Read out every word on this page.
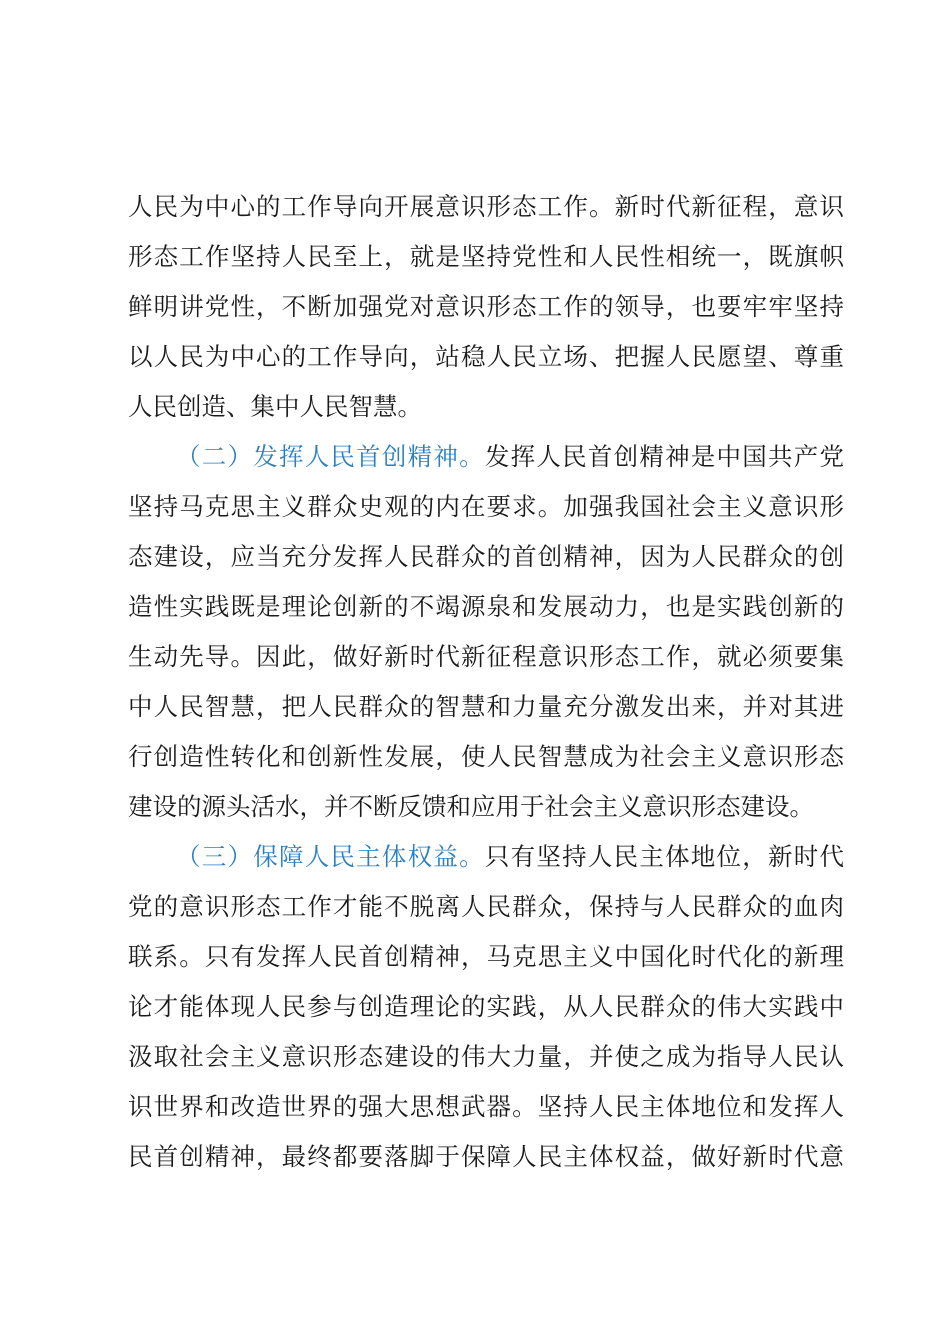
人民为中心的工作导向开展意识形态工作。新时代新征程，意识
形态工作坚持人民至上，就是坚持党性和人民性相统一，既旗帜
鲜明讲党性，不断加强党对意识形态工作的领导，也要牢牢坚持
以人民为中心的工作导向，站稳人民立场、把握人民愿望、尊重
人民创造、集中人民智慧。
（二）发挥人民首创精神。发挥人民首创精神是中国共产党
坚持马克思主义群众史观的内在要求。加强我国社会主义意识形
态建设，应当充分发挥人民群众的首创精神，因为人民群众的创
造性实践既是理论创新的不竭源泉和发展动力，也是实践创新的
生动先导。因此，做好新时代新征程意识形态工作，就必须要集
中人民智慧，把人民群众的智慧和力量充分激发出来，并对其进
行创造性转化和创新性发展，使人民智慧成为社会主义意识形态
建设的源头活水，并不断反馈和应用于社会主义意识形态建设。
（三）保障人民主体权益。只有坚持人民主体地位，新时代
党的意识形态工作才能不脱离人民群众，保持与人民群众的血肉
联系。只有发挥人民首创精神，马克思主义中国化时代化的新理
论才能体现人民参与创造理论的实践，从人民群众的伟大实践中
汲取社会主义意识形态建设的伟大力量，并使之成为指导人民认
识世界和改造世界的强大思想武器。坚持人民主体地位和发挥人
民首创精神，最终都要落脚于保障人民主体权益，做好新时代意
